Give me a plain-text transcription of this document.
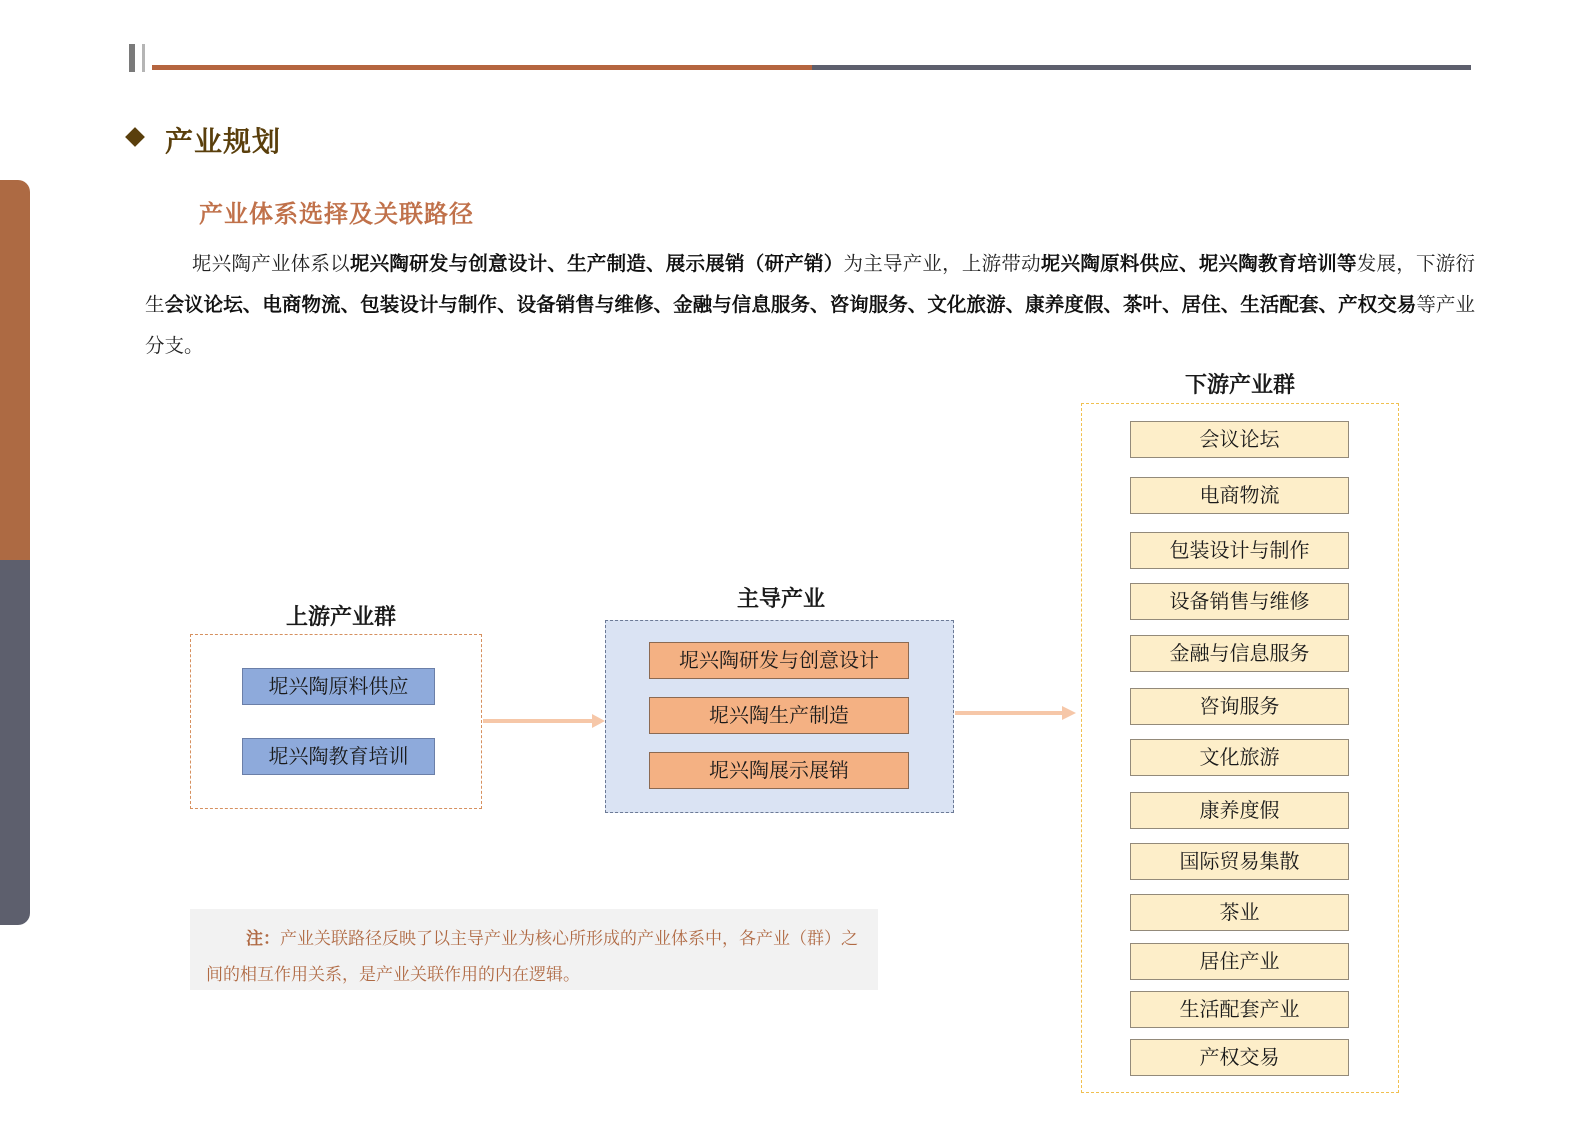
产业规划
产业体系选择及关联路径
坭兴陶产业体系以坭兴陶研发与创意设计、生产制造、展示展销（研产销）为主导产业，上游带动坭兴陶原料供应、坭兴陶教育培训等发展，下游衍生会议论坛、电商物流、包装设计与制作、设备销售与维修、金融与信息服务、咨询服务、文化旅游、康养度假、茶叶、居住、生活配套、产权交易等产业分支。
上游产业群
坭兴陶原料供应
坭兴陶教育培训
主导产业
坭兴陶研发与创意设计
坭兴陶生产制造
坭兴陶展示展销
下游产业群
会议论坛
电商物流
包装设计与制作
设备销售与维修
金融与信息服务
咨询服务
文化旅游
康养度假
国际贸易集散
茶业
居住产业
生活配套产业
产权交易
注：产业关联路径反映了以主导产业为核心所形成的产业体系中，各产业（群）之间的相互作用关系，是产业关联作用的内在逻辑。
